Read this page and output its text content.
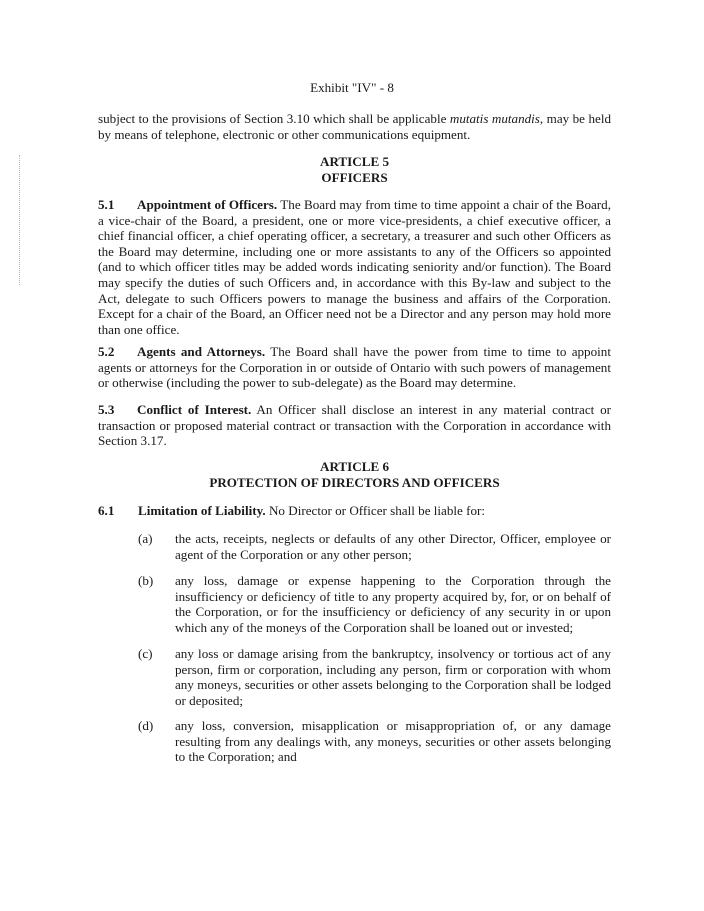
Exhibit "IV" - 8

subject to the provisions of Section 3.10 which shall be applicable mutatis mutandis, may be held by means of telephone, electronic or other communications equipment.

ARTICLE 5

OFFICERS

5.1 Appointment of Officers. The Board may from time to time appoint a chair of the Board, a vice-chair of the Board, a president, one or more vice-presidents, a chief executive officer, a chief financial officer, a chief operating officer, a secretary, a treasurer and such other Officers as the Board may determine, including one or more assistants to any of the Officers so appointed (and to which officer titles may be added words indicating seniority and/or function). The Board may specify the duties of such Officers and, in accordance with this By-law and subject to the Act, delegate to such Officers powers to manage the business and affairs of the Corporation. Except for a chair of the Board, an Officer need not be a Director and any person may hold more than one office.

5.2 Agents and Attorneys. The Board shall have the power from time to time to appoint agents or attorneys for the Corporation in or outside of Ontario with such powers of management or otherwise (including the power to sub-delegate) as the Board may determine.

5.3 Conflict of Interest. An Officer shall disclose an interest in any material contract or transaction or proposed material contract or transaction with the Corporation in accordance with Section 3.17.

ARTICLE 6

PROTECTION OF DIRECTORS AND OFFICERS

6.1 Limitation of Liability. No Director or Officer shall be liable for:
(a) the acts, receipts, neglects or defaults of any other Director, Officer, employee or agent of the Corporation or any other person;
(b) any loss, damage or expense happening to the Corporation through the insufficiency or deficiency of title to any property acquired by, for, or on behalf of the Corporation, or for the insufficiency or deficiency of any security in or upon which any of the moneys of the Corporation shall be loaned out or invested;
(c) any loss or damage arising from the bankruptcy, insolvency or tortious act of any person, firm or corporation, including any person, firm or corporation with whom any moneys, securities or other assets belonging to the Corporation shall be lodged or deposited;
(d) any loss, conversion, misapplication or misappropriation of, or any damage resulting from any dealings with, any moneys, securities or other assets belonging to the Corporation; and
